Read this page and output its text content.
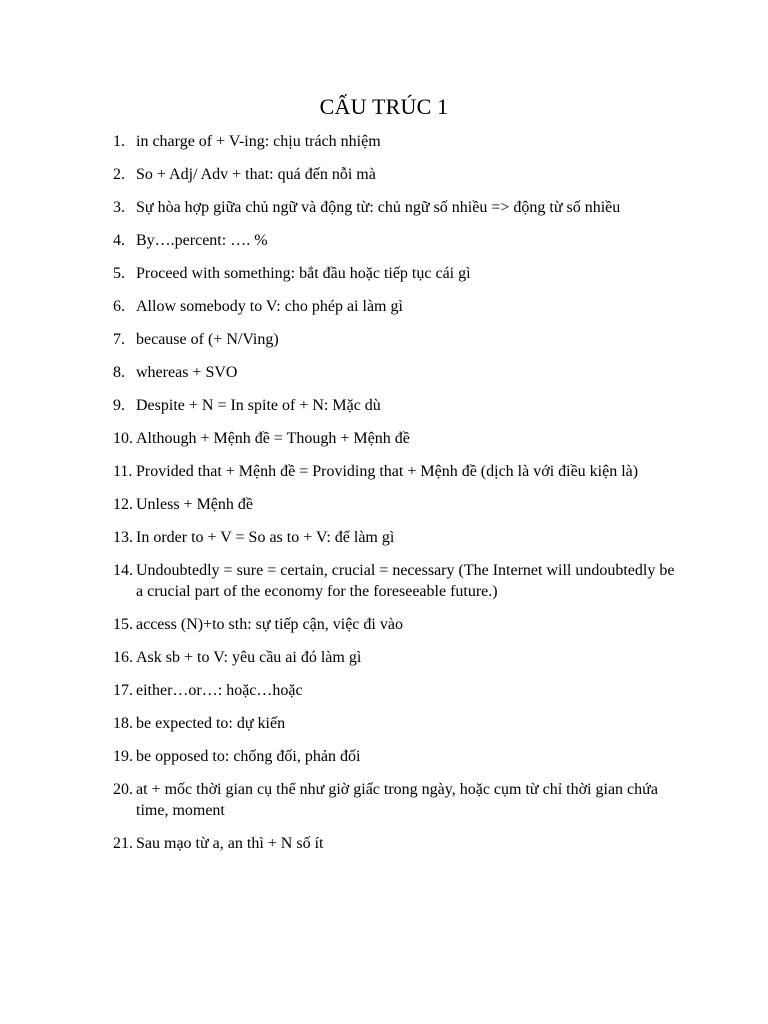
CẤU TRÚC 1
1. in charge of + V-ing: chịu trách nhiệm
2. So + Adj/ Adv + that: quá đến nỗi mà
3. Sự hòa hợp giữa chủ ngữ và động từ: chủ ngữ số nhiều => động từ số nhiều
4. By….percent: …. %
5. Proceed with something: bắt đầu hoặc tiếp tục cái gì
6. Allow somebody to V: cho phép ai làm gì
7. because of (+ N/Ving)
8. whereas + SVO
9. Despite + N = In spite of + N: Mặc dù
10. Although + Mệnh đề = Though + Mệnh đề
11. Provided that + Mệnh đề = Providing that + Mệnh đề (dịch là với điều kiện là)
12. Unless + Mệnh đề
13. In order to + V = So as to + V: để làm gì
14. Undoubtedly = sure = certain, crucial = necessary (The Internet will undoubtedly be a crucial part of the economy for the foreseeable future.)
15. access (N)+to sth: sự tiếp cận, việc đi vào
16. Ask sb + to V: yêu cầu ai đó làm gì
17. either…or…: hoặc…hoặc
18. be expected to: dự kiến
19. be opposed to: chống đối, phản đối
20. at + mốc thời gian cụ thể như giờ giấc trong ngày, hoặc cụm từ chỉ thời gian chứa time, moment
21. Sau mạo từ a, an thì + N số ít
